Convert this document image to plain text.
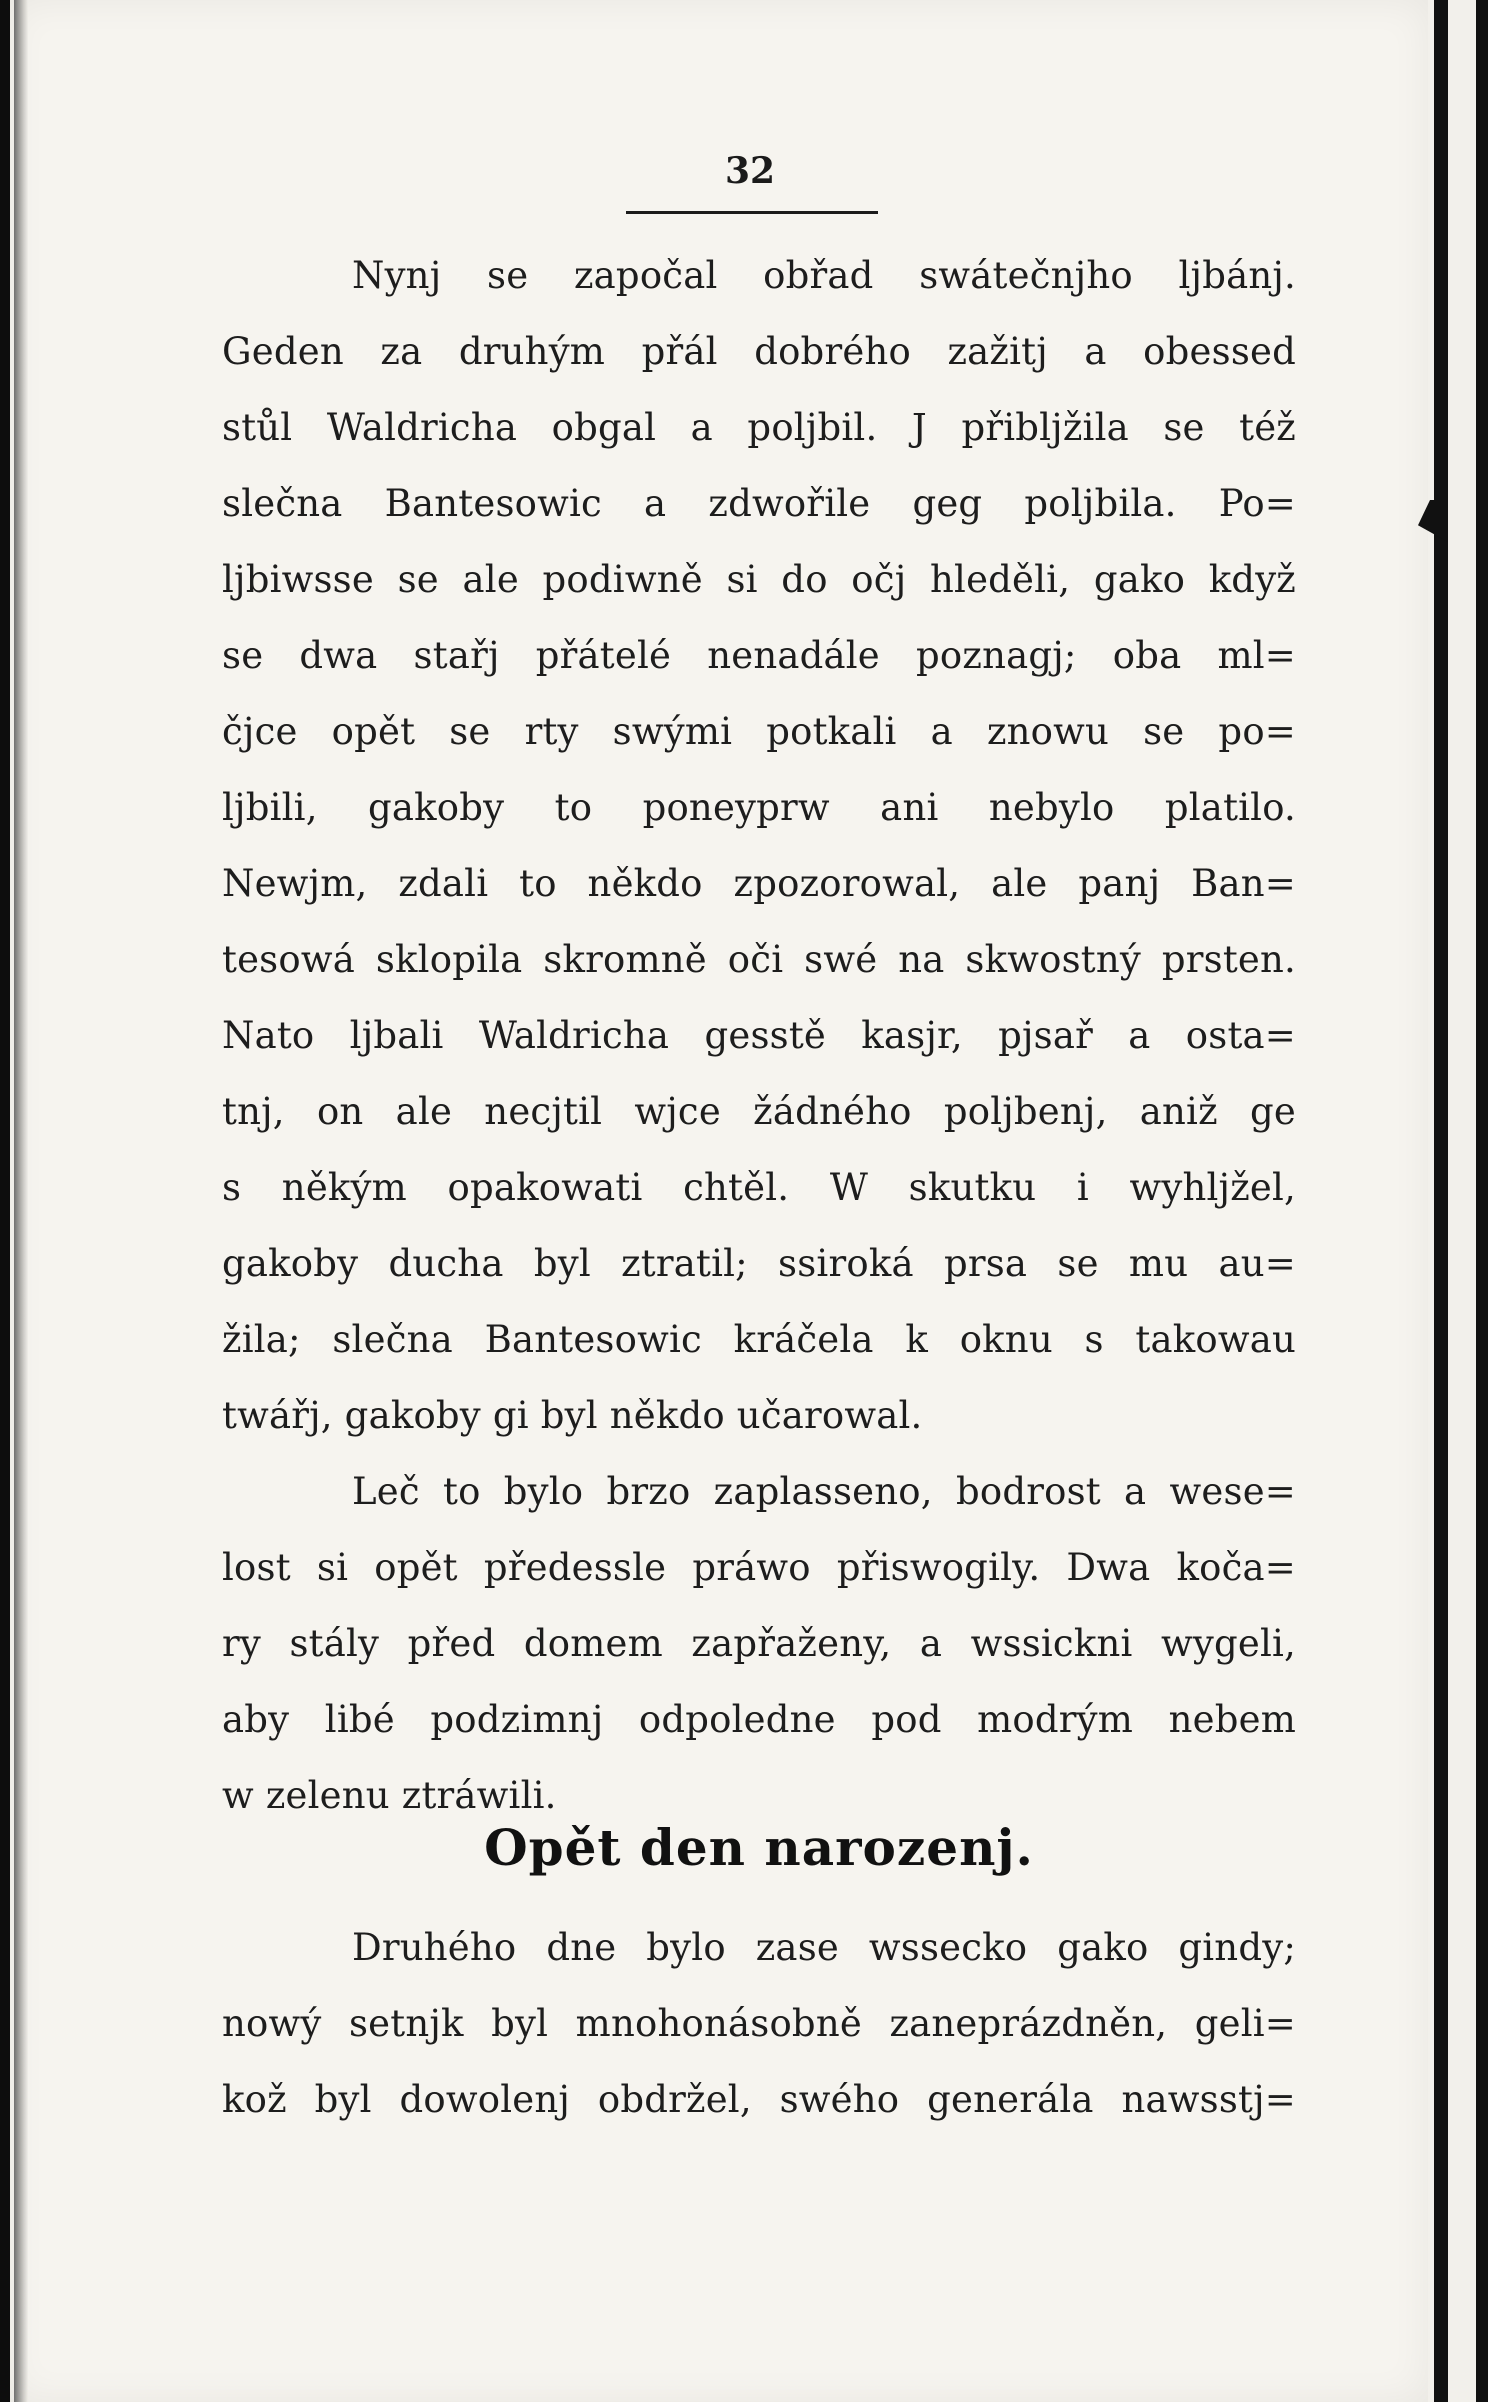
32
Nynj se započal obřad swátečnjho ljbánj.
Geden za druhým přál dobrého zažitj a obessed
stůl Waldricha obgal a poljbil. J přibljžila se též
slečna Bantesowic a zdwořile geg poljbila. Po=
ljbiwsse se ale podiwně si do očj hleděli, gako když
se dwa stařj přátelé nenadále poznagj; oba ml=
čjce opět se rty swými potkali a znowu se po=
ljbili, gakoby to poneyprw ani nebylo platilo.
Newjm, zdali to někdo zpozorowal, ale panj Ban=
tesowá sklopila skromně oči swé na skwostný prsten.
Nato ljbali Waldricha gesstě kasjr, pjsař a osta=
tnj, on ale necjtil wjce žádného poljbenj, aniž ge
s někým opakowati chtěl. W skutku i wyhljžel,
gakoby ducha byl ztratil; ssiroká prsa se mu au=
žila; slečna Bantesowic kráčela k oknu s takowau
twářj, gakoby gi byl někdo učarowal.
Leč to bylo brzo zaplasseno, bodrost a wese=
lost si opět předessle práwo přiswogily. Dwa koča=
ry stály před domem zapřaženy, a wssickni wygeli,
aby libé podzimnj odpoledne pod modrým nebem
w zelenu ztráwili.
Opět den narozenj.
Druhého dne bylo zase wssecko gako gindy;
nowý setnjk byl mnohonásobně zaneprázdněn, geli=
kož byl dowolenj obdržel, swého generála nawsstj=
